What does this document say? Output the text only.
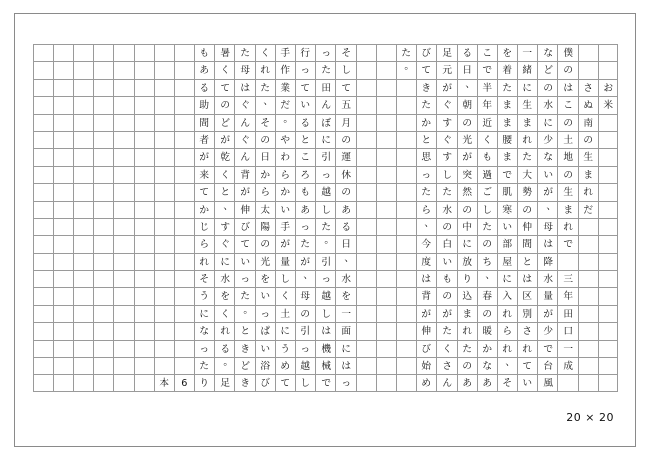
お
米
さ
ぬ
南
の
生
ま
れ
だ
僕
の
は
こ
の
土
地
の
生
ま
れ
で
三
年
田
口
一
成
な
ど
の
水
に
少
な
い
が
、
母
は
降
水
量
が
少
で
台
風
一
緒
に
生
ま
れ
た
大
勢
の
仲
間
と
は
区
別
さ
れ
て
い
を
着
た
ま
ま
腰
ま
で
肌
寒
い
部
屋
に
入
れ
ら
れ
、
そ
こ
で
半
年
近
く
も
過
ご
し
た
の
ち
、
春
の
暖
か
な
あ
る
日
、
朝
の
光
が
突
然
の
中
に
放
り
込
ま
れ
た
の
あ
足
元
が
ぐ
す
ぐ
す
し
た
水
の
白
い
も
の
が
た
く
さ
ん
び
て
き
た
か
と
思
っ
た
ら
、
今
度
は
背
が
伸
び
始
め
た
。
そ
し
て
五
月
の
運
休
の
あ
る
日
、
水
を
一
面
に
は
っ
っ
た
田
ん
ぼ
に
引
っ
越
し
た
。
引
っ
越
し
は
機
械
で
行
っ
て
い
る
と
こ
ろ
も
あ
っ
た
が
、
母
の
引
っ
越
し
手
作
業
だ
。
や
わ
ら
か
い
手
が
量
し
く
土
に
う
め
て
く
れ
た
、
そ
の
日
か
ら
太
陽
の
光
を
い
っ
ぱ
い
浴
び
た
母
は
ぐ
ん
ぐ
ん
背
が
伸
び
て
い
っ
た
。
と
き
ど
き
暑
く
て
の
ど
が
乾
く
と
、
す
ぐ
に
水
を
く
れ
る
。
足
も
あ
る
助
間
者
が
来
て
か
じ
ら
れ
そ
う
に
な
っ
た
り
6
本
20 × 20
